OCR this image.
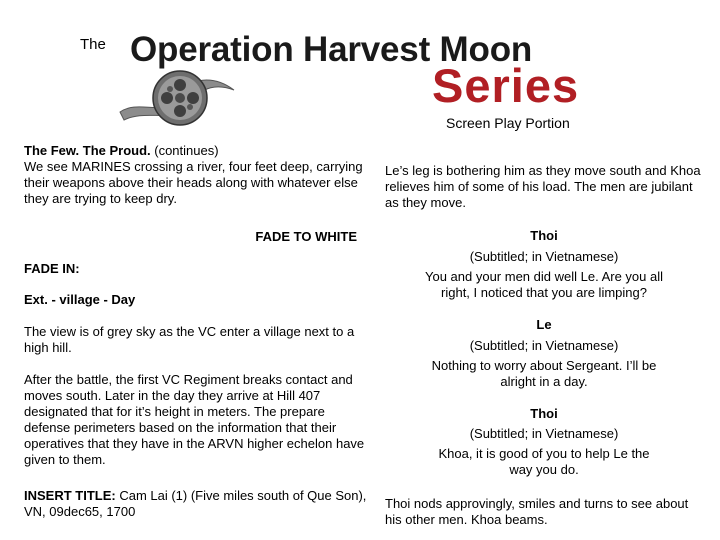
The Operation Harvest Moon
Series
Screen Play Portion

The Few. The Proud. (continues)

We see MARINES crossing a river, four feet deep, carrying their weapons above their heads along with whatever else they are trying to keep dry.

FADE TO WHITE
FADE IN:
Ext. - village - Day
The view is of grey sky as the VC enter a village next to a high hill.
After the battle, the first VC Regiment breaks contact and moves south. Later in the day they arrive at Hill 407 designated that for it’s height in meters. The prepare defense perimeters based on the information that their operatives that they have in the ARVN higher echelon have given to them.
INSERT TITLE: Cam Lai (1) (Five miles south of Que Son), VN, 09dec65, 1700
Le’s leg is bothering him as they move south and Khoa relieves him of some of his load. The men are jubilant as they move.
Thoi
(Subtitled; in Vietnamese)
You and your men did well Le. Are you all right, I noticed that you are limping?
Le
(Subtitled; in Vietnamese)
Nothing to worry about Sergeant. I’ll be alright in a day.
Thoi
(Subtitled; in Vietnamese)
Khoa, it is good of you to help Le the way you do.
Thoi nods approvingly, smiles and turns to see about his other men. Khoa beams.
